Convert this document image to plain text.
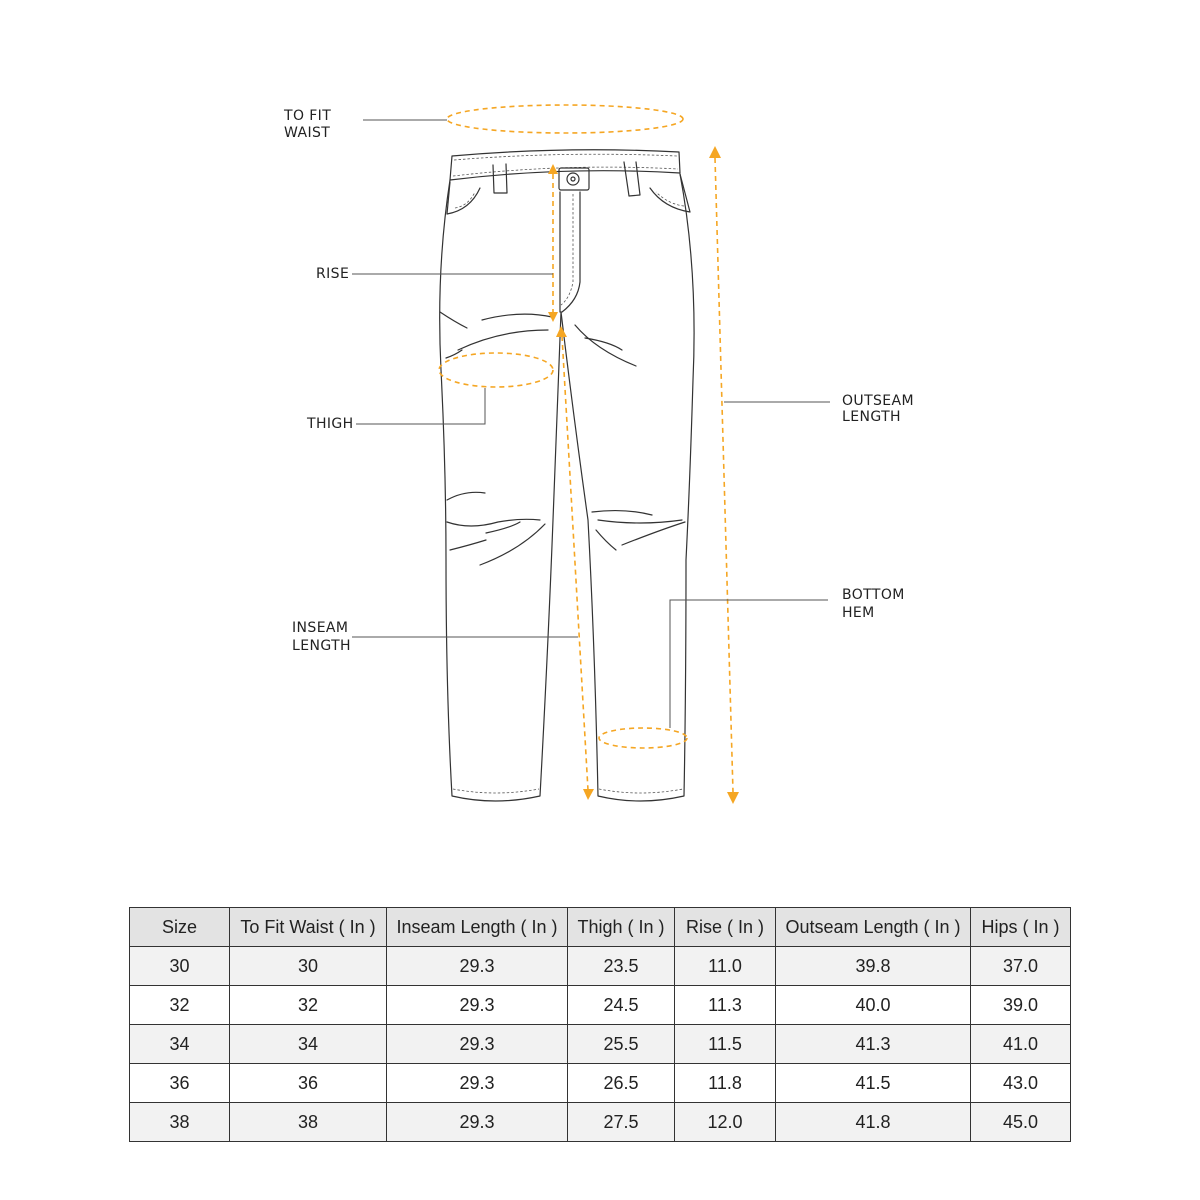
TO FIT WAIST
RISE
THIGH
INSEAM LENGTH
OUTSEAM LENGTH
BOTTOM HEM
Size	To Fit Waist ( In )	Inseam Length ( In )	Thigh ( In )	Rise ( In )	Outseam Length ( In )	Hips ( In )
30	30	29.3	23.5	11.0	39.8	37.0
32	32	29.3	24.5	11.3	40.0	39.0
34	34	29.3	25.5	11.5	41.3	41.0
36	36	29.3	26.5	11.8	41.5	43.0
38	38	29.3	27.5	12.0	41.8	45.0
